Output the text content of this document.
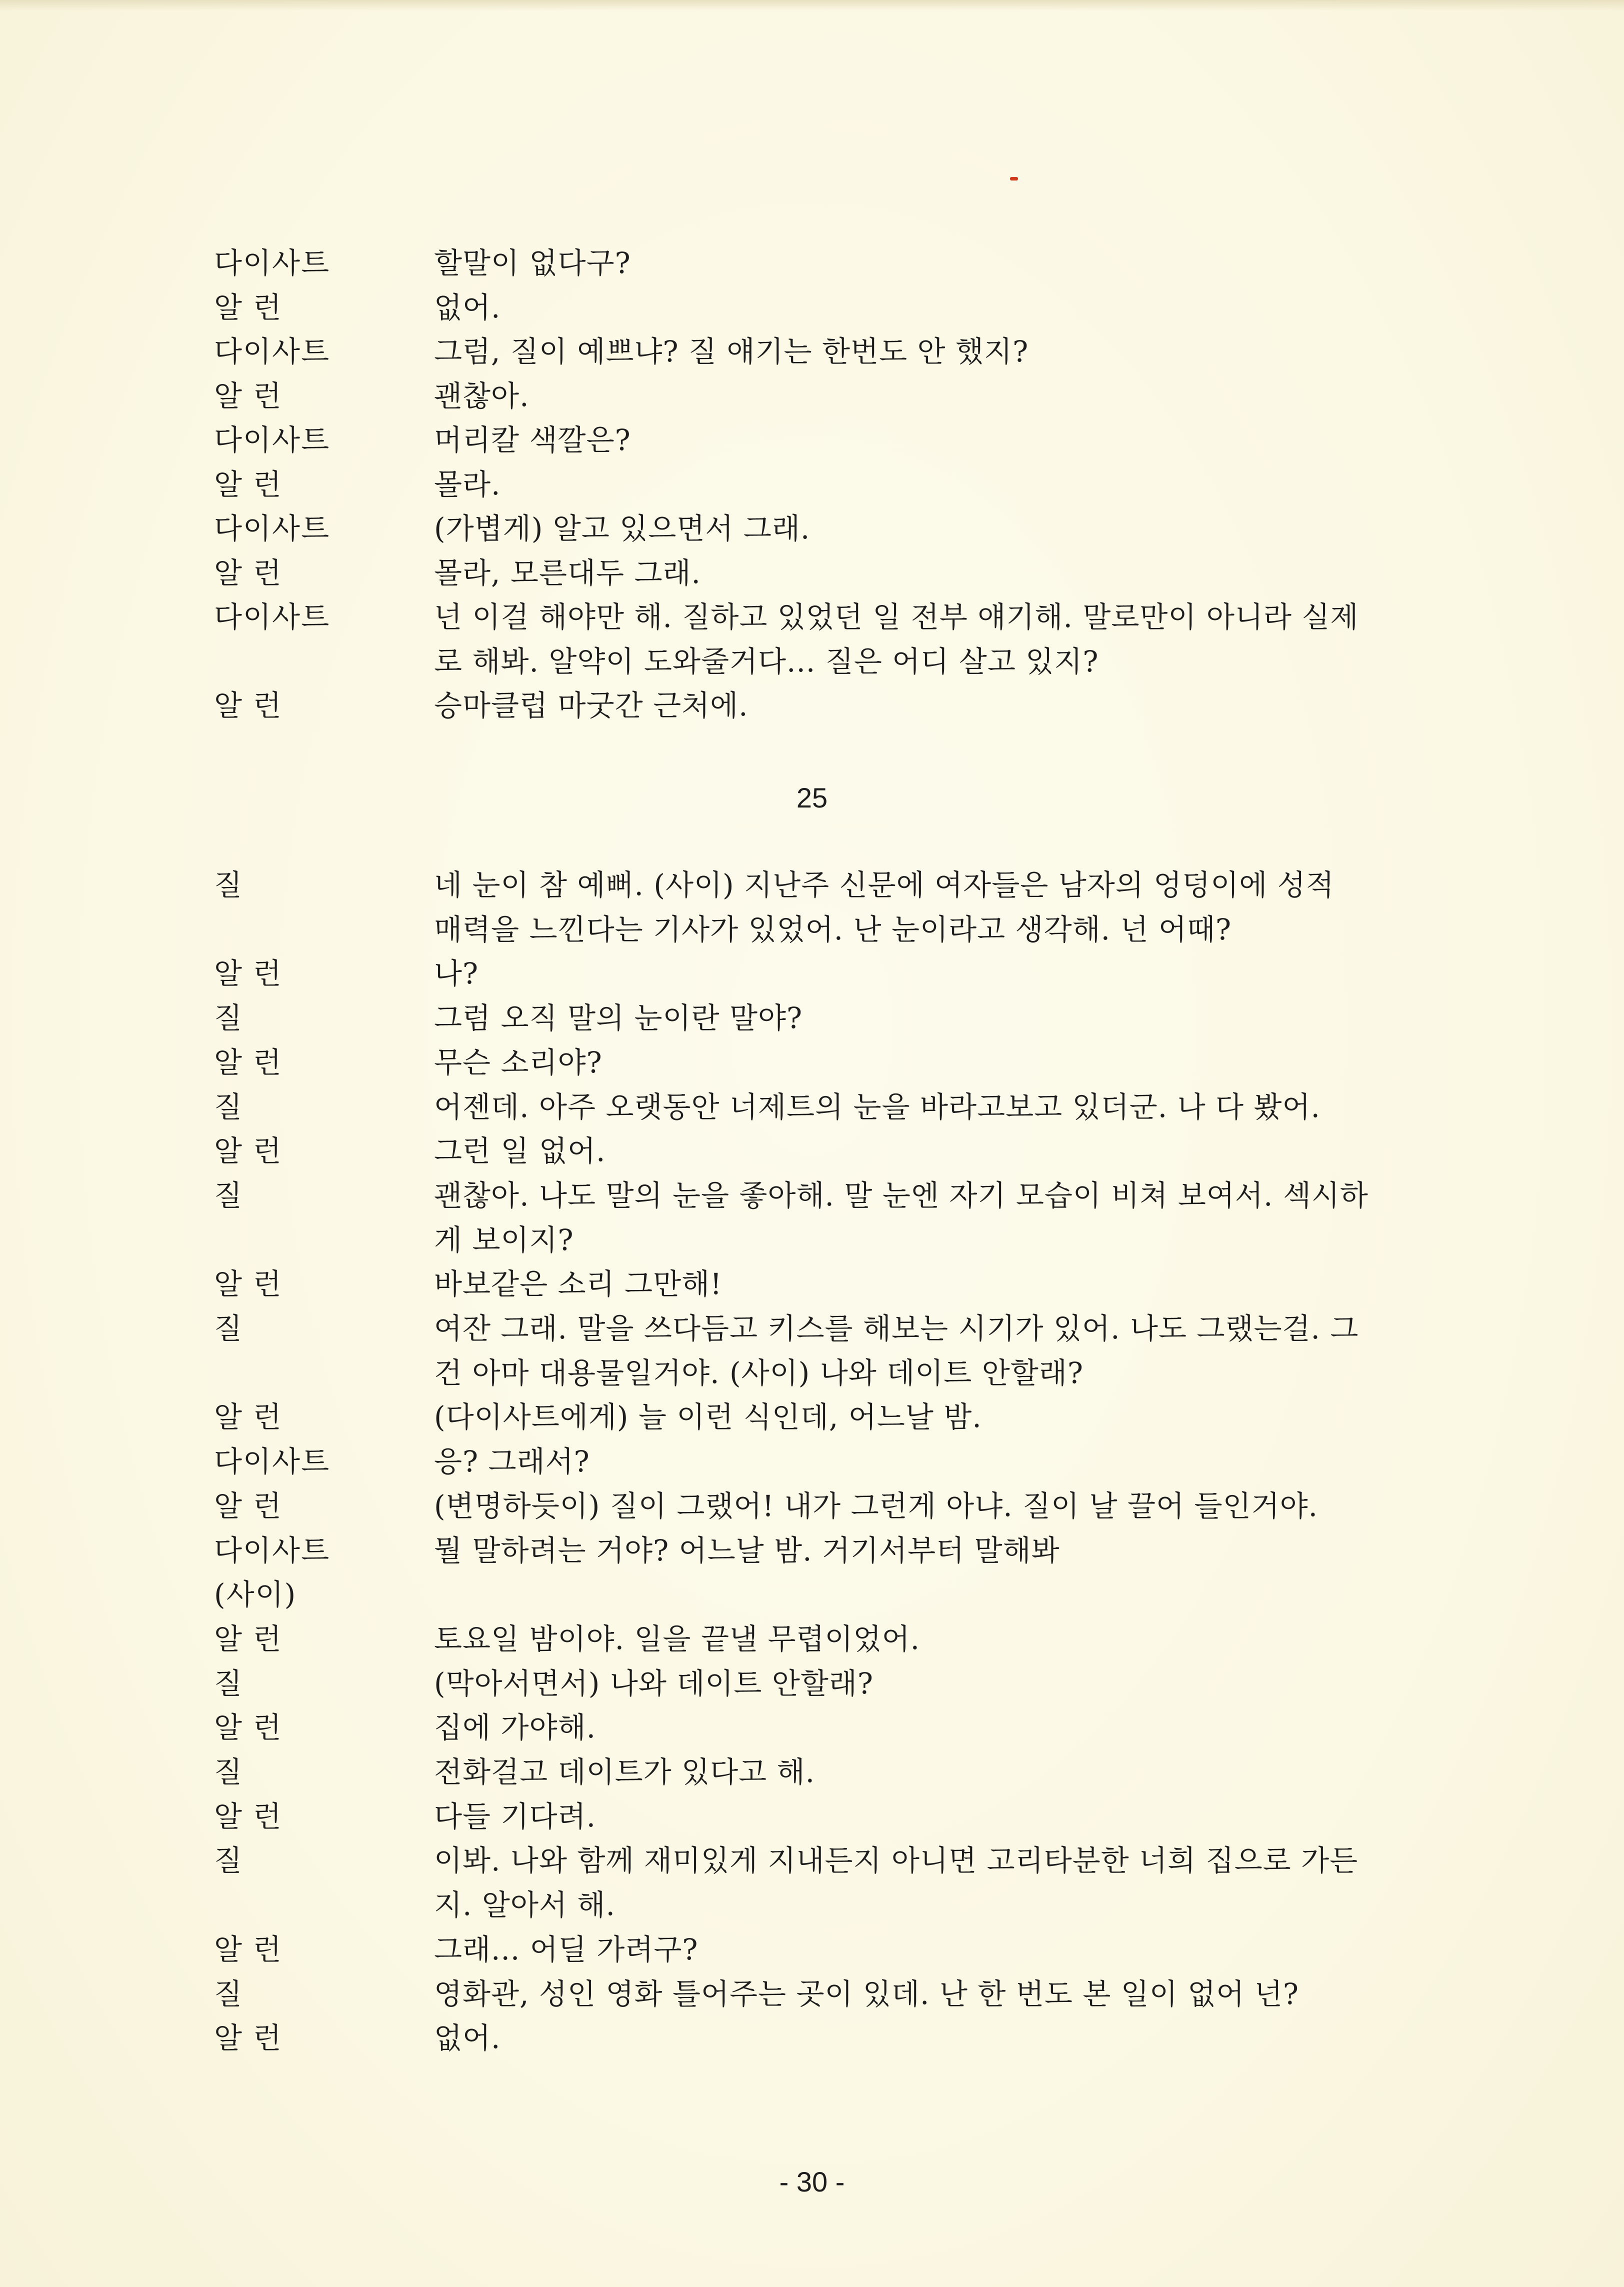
다이사트	할말이 없다구?
알 런	없어.
다이사트	그럼, 질이 예쁘냐? 질 얘기는 한번도 안 했지?
알 런	괜찮아.
다이사트	머리칼 색깔은?
알 런	몰라.
다이사트	(가볍게) 알고 있으면서 그래.
알 런	몰라, 모른대두 그래.
다이사트	넌 이걸 해야만 해. 질하고 있었던 일 전부 얘기해. 말로만이 아니라 실제
로 해봐. 알약이 도와줄거다... 질은 어디 살고 있지?
알 런	승마클럽 마굿간 근처에.
25
질	네 눈이 참 예뻐. (사이) 지난주 신문에 여자들은 남자의 엉덩이에 성적
매력을 느낀다는 기사가 있었어. 난 눈이라고 생각해. 넌 어때?
알 런	나?
질	그럼 오직 말의 눈이란 말야?
알 런	무슨 소리야?
질	어젠데. 아주 오랫동안 너제트의 눈을 바라고보고 있더군. 나 다 봤어.
알 런	그런 일 없어.
질	괜찮아. 나도 말의 눈을 좋아해. 말 눈엔 자기 모습이 비쳐 보여서. 섹시하
게 보이지?
알 런	바보같은 소리 그만해!
질	여잔 그래. 말을 쓰다듬고 키스를 해보는 시기가 있어. 나도 그랬는걸. 그
건 아마 대용물일거야. (사이) 나와 데이트 안할래?
알 런	(다이사트에게) 늘 이런 식인데, 어느날 밤.
다이사트	응? 그래서?
알 런	(변명하듯이) 질이 그랬어! 내가 그런게 아냐. 질이 날 끌어 들인거야.
다이사트	뭘 말하려는 거야? 어느날 밤. 거기서부터 말해봐
(사이)
알 런	토요일 밤이야. 일을 끝낼 무렵이었어.
질	(막아서면서) 나와 데이트 안할래?
알 런	집에 가야해.
질	전화걸고 데이트가 있다고 해.
알 런	다들 기다려.
질	이봐. 나와 함께 재미있게 지내든지 아니면 고리타분한 너희 집으로 가든
지. 알아서 해.
알 런	그래... 어딜 가려구?
질	영화관, 성인 영화 틀어주는 곳이 있데. 난 한 번도 본 일이 없어 넌?
알 런	없어.
- 30 -
